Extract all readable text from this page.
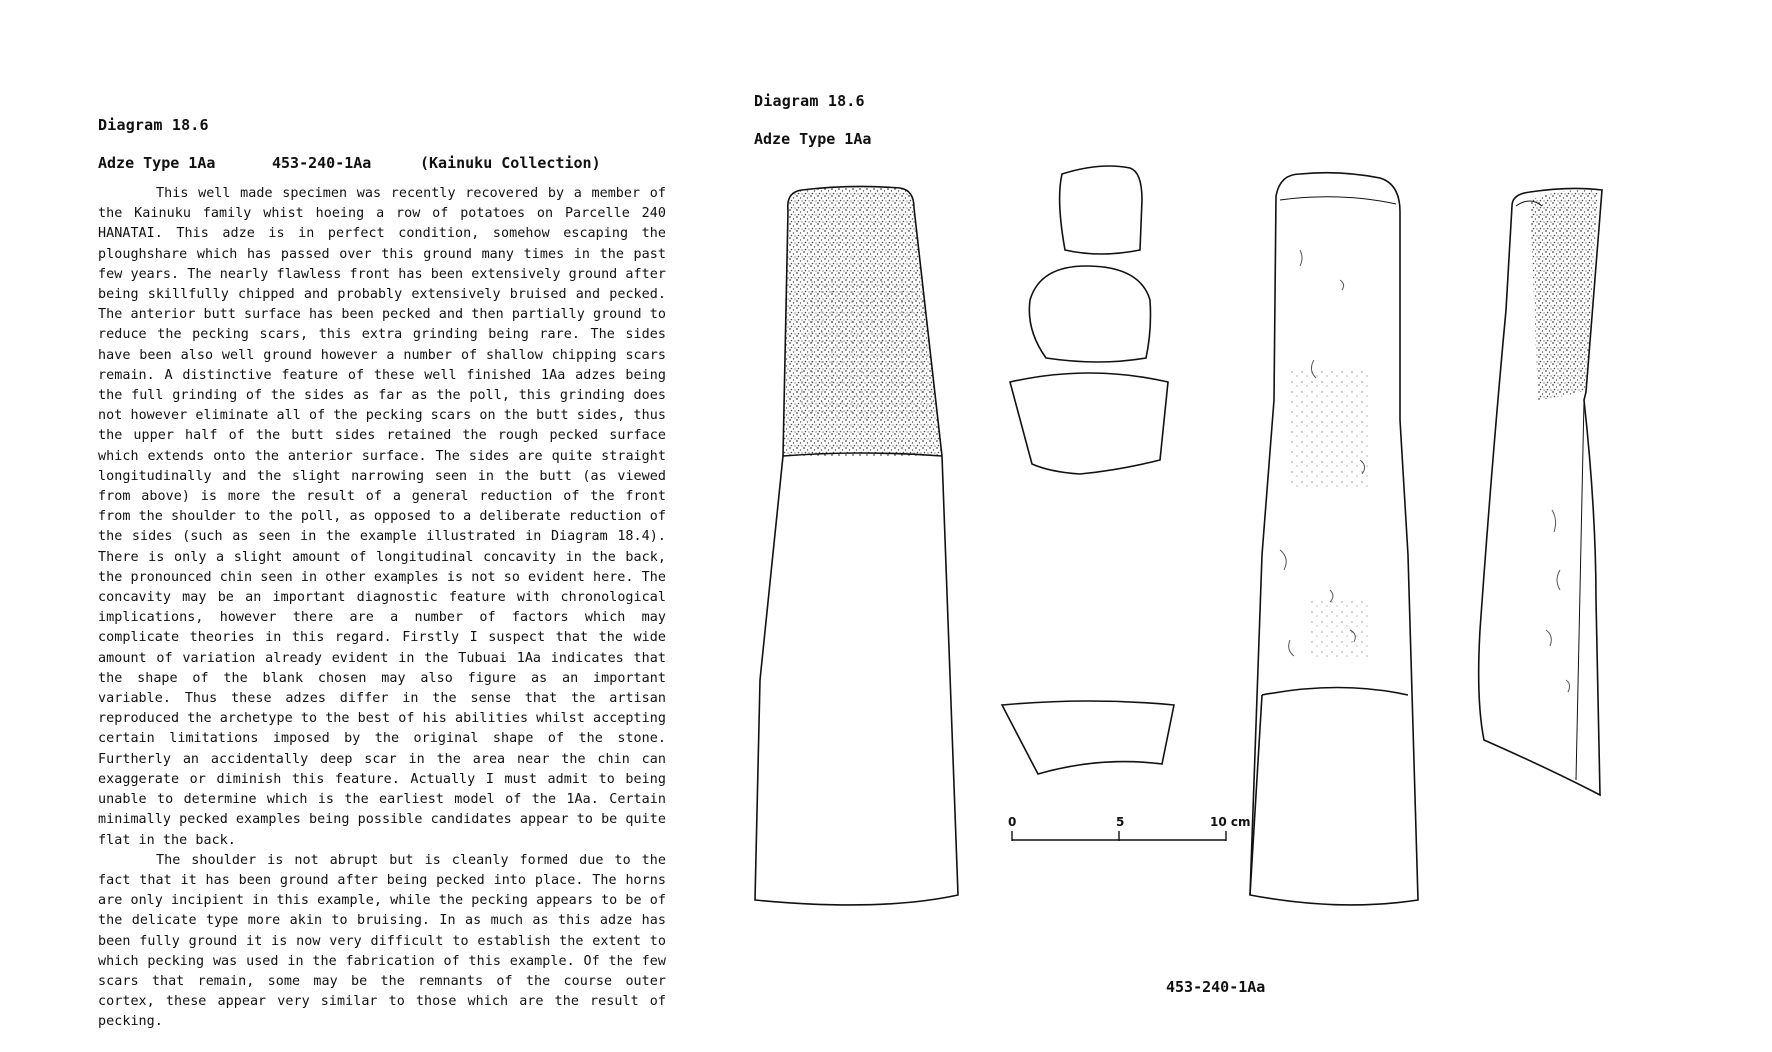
Diagram 18.6

Adze Type 1Aa	453-240-1Aa	(Kainuku Collection)

This well made specimen was recently recovered by a member of the Kainuku family whist hoeing a row of potatoes on Parcelle 240 HANATAI. This adze is in perfect condition, somehow escaping the ploughshare which has passed over this ground many times in the past few years. The nearly flawless front has been extensively ground after being skillfully chipped and probably extensively bruised and pecked. The anterior butt surface has been pecked and then partially ground to reduce the pecking scars, this extra grinding being rare. The sides have been also well ground however a number of shallow chipping scars remain. A distinctive feature of these well finished 1Aa adzes being the full grinding of the sides as far as the poll, this grinding does not however eliminate all of the pecking scars on the butt sides, thus the upper half of the butt sides retained the rough pecked surface which extends onto the anterior surface. The sides are quite straight longitudinally and the slight narrowing seen in the butt (as viewed from above) is more the result of a general reduction of the front from the shoulder to the poll, as opposed to a deliberate reduction of the sides (such as seen in the example illustrated in Diagram 18.4). There is only a slight amount of longitudinal concavity in the back, the pronounced chin seen in other examples is not so evident here. The concavity may be an important diagnostic feature with chronological implications, however there are a number of factors which may complicate theories in this regard. Firstly I suspect that the wide amount of variation already evident in the Tubuai 1Aa indicates that the shape of the blank chosen may also figure as an important variable. Thus these adzes differ in the sense that the artisan reproduced the archetype to the best of his abilities whilst accepting certain limitations imposed by the original shape of the stone. Furtherly an accidentally deep scar in the area near the chin can exaggerate or diminish this feature. Actually I must admit to being unable to determine which is the earliest model of the 1Aa. Certain minimally pecked examples being possible candidates appear to be quite flat in the back.

The shoulder is not abrupt but is cleanly formed due to the fact that it has been ground after being pecked into place. The horns are only incipient in this example, while the pecking appears to be of the delicate type more akin to bruising. In as much as this adze has been fully ground it is now very difficult to establish the extent to which pecking was used in the fabrication of this example. Of the few scars that remain, some may be the remnants of the course outer cortex, these appear very similar to those which are the result of pecking.

Diagram 18.6

Adze Type 1Aa
0	5	10 cm
453-240-1Aa
